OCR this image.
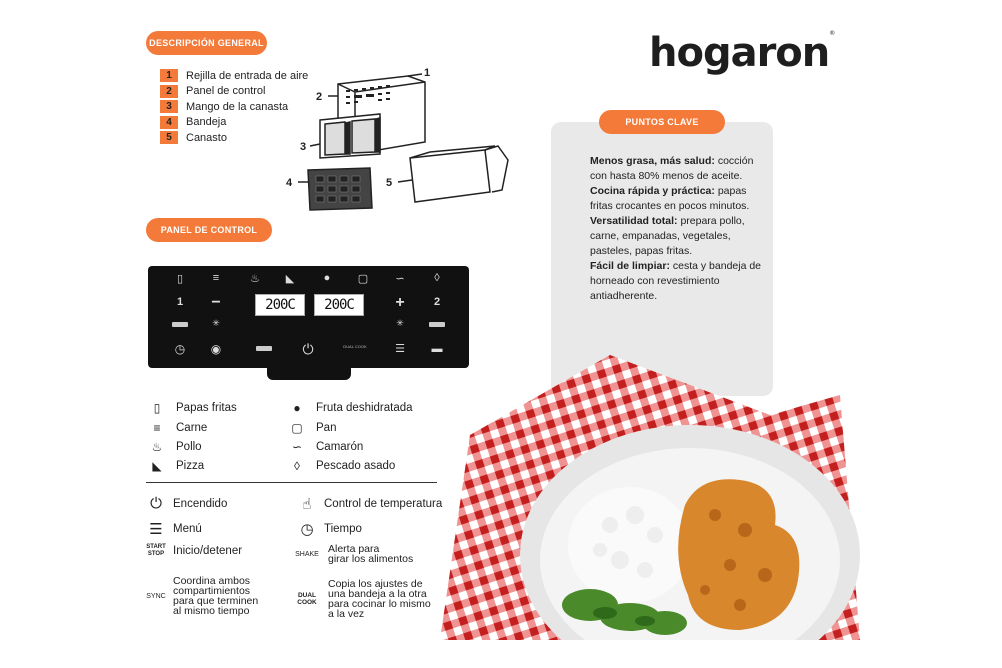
DESCRIPCIÓN GENERAL
PANEL DE CONTROL
hogaron®
1	Rejilla de entrada de aire
2	Panel de control
3	Mango de la canasta
4	Bandeja
5	Canasto
1
2
3
4	5
▯	≡	♨	◣	●	▢	∽	◊
1	−	200C	200C	+	2
✳	✳
◷	◉	⏻	DUAL COOK	☰	▬
▯	Papas fritas
≡	Carne
♨	Pollo
◣	Pizza
●	Fruta deshidratada
▢ Pan
∽	Camarón
◊	Pescado asado
⏻ Encendido	☝	Control de temperatura
☰ Menú	◷ Tiempo
START
STOP Inicio/detener	SHAKE Alerta para
girar los alimentos
SYNC
Coordina ambos
compartimientos
para que terminen
al mismo tiempo
DUAL
COOK
Copia los ajustes de
una bandeja a la otra
para cocinar lo mismo
a la vez
PUNTOS CLAVE
Menos grasa, más salud: cocción con hasta 80% menos de aceite.
Cocina rápida y práctica: papas fritas crocantes en pocos minutos.
Versatilidad total: prepara pollo, carne, empanadas, vegetales, pasteles, papas fritas.
Fácil de limpiar: cesta y bandeja de horneado con revestimiento antiadherente.
